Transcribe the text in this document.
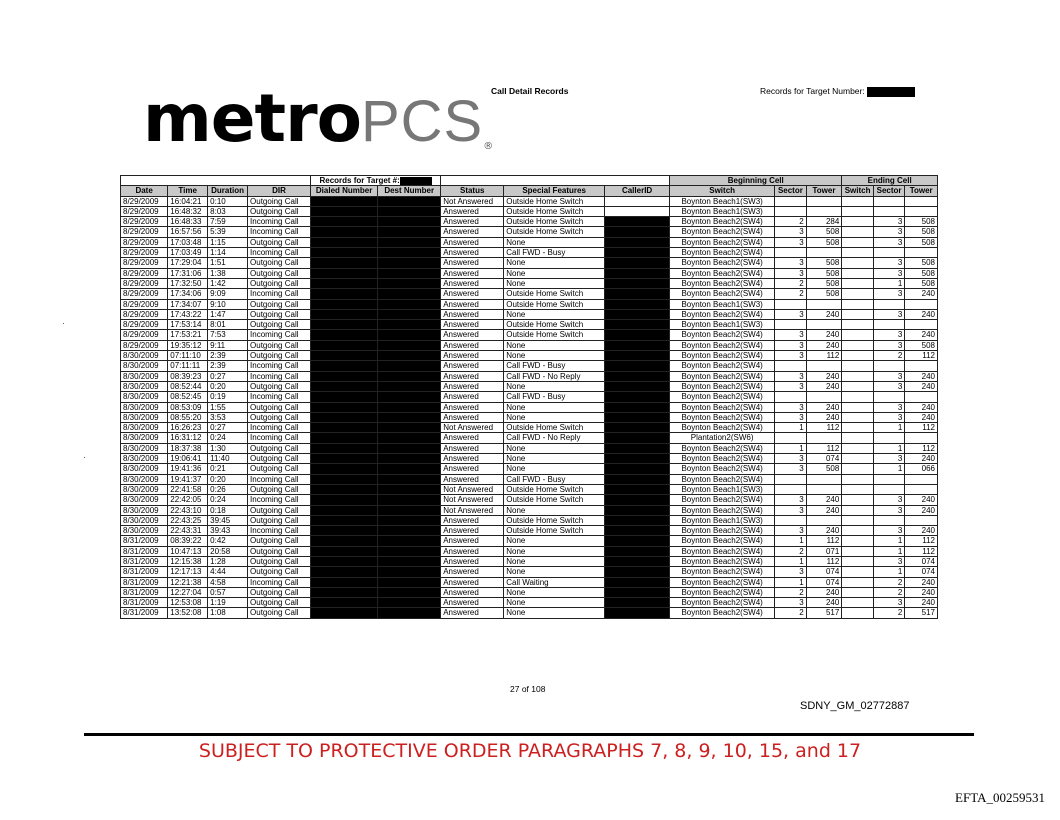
metroPCS®
Call Detail Records	Records for Target Number:
·
·
				Records for Target #:					Beginning Cell			Ending Cell		
Date	Time	Duration	DIR	Dialed Number	Dest Number	Status	Special Features	CallerID	Switch	Sector	Tower	Switch	Sector	Tower
8/29/2009	16:04:21	0:10	Outgoing Call			Not Answered	Outside Home Switch		Boynton Beach1(SW3)					
8/29/2009	16:48:32	8:03	Outgoing Call			Answered	Outside Home Switch		Boynton Beach1(SW3)					
8/29/2009	16:48:33	7:59	Incoming Call			Answered	Outside Home Switch		Boynton Beach2(SW4)	2	284		3	508
8/29/2009	16:57:56	5:39	Incoming Call			Answered	Outside Home Switch		Boynton Beach2(SW4)	3	508		3	508
8/29/2009	17:03:48	1:15	Outgoing Call			Answered	None		Boynton Beach2(SW4)	3	508		3	508
8/29/2009	17:03:49	1:14	Incoming Call			Answered	Call FWD - Busy		Boynton Beach2(SW4)					
8/29/2009	17:29:04	1:51	Outgoing Call			Answered	None		Boynton Beach2(SW4)	3	508		3	508
8/29/2009	17:31:06	1:38	Outgoing Call			Answered	None		Boynton Beach2(SW4)	3	508		3	508
8/29/2009	17:32:50	1:42	Outgoing Call			Answered	None		Boynton Beach2(SW4)	2	508		1	508
8/29/2009	17:34:06	9:09	Incoming Call			Answered	Outside Home Switch		Boynton Beach2(SW4)	2	508		3	240
8/29/2009	17:34:07	9:10	Outgoing Call			Answered	Outside Home Switch		Boynton Beach1(SW3)					
8/29/2009	17:43:22	1:47	Outgoing Call			Answered	None		Boynton Beach2(SW4)	3	240		3	240
8/29/2009	17:53:14	8:01	Outgoing Call			Answered	Outside Home Switch		Boynton Beach1(SW3)					
8/29/2009	17:53:21	7:53	Incoming Call			Answered	Outside Home Switch		Boynton Beach2(SW4)	3	240		3	240
8/29/2009	19:35:12	9:11	Outgoing Call			Answered	None		Boynton Beach2(SW4)	3	240		3	508
8/30/2009	07:11:10	2:39	Outgoing Call			Answered	None		Boynton Beach2(SW4)	3	112		2	112
8/30/2009	07:11:11	2:39	Incoming Call			Answered	Call FWD - Busy		Boynton Beach2(SW4)					
8/30/2009	08:39:23	0:27	Incoming Call			Answered	Call FWD - No Reply		Boynton Beach2(SW4)	3	240		3	240
8/30/2009	08:52:44	0:20	Outgoing Call			Answered	None		Boynton Beach2(SW4)	3	240		3	240
8/30/2009	08:52:45	0:19	Incoming Call			Answered	Call FWD - Busy		Boynton Beach2(SW4)					
8/30/2009	08:53:09	1:55	Outgoing Call			Answered	None		Boynton Beach2(SW4)	3	240		3	240
8/30/2009	08:55:20	3:53	Outgoing Call			Answered	None		Boynton Beach2(SW4)	3	240		3	240
8/30/2009	16:26:23	0:27	Incoming Call			Not Answered	Outside Home Switch		Boynton Beach2(SW4)	1	112		1	112
8/30/2009	16:31:12	0:24	Incoming Call			Answered	Call FWD - No Reply		Plantation2(SW6)					
8/30/2009	18:37:38	1:30	Outgoing Call			Answered	None		Boynton Beach2(SW4)	1	112		1	112
8/30/2009	19:06:41	11:40	Outgoing Call			Answered	None		Boynton Beach2(SW4)	3	074		3	240
8/30/2009	19:41:36	0:21	Outgoing Call			Answered	None		Boynton Beach2(SW4)	3	508		1	066
8/30/2009	19:41:37	0:20	Incoming Call			Answered	Call FWD - Busy		Boynton Beach2(SW4)					
8/30/2009	22:41:58	0:26	Outgoing Call			Not Answered	Outside Home Switch		Boynton Beach1(SW3)					
8/30/2009	22:42:05	0:24	Incoming Call			Not Answered	Outside Home Switch		Boynton Beach2(SW4)	3	240		3	240
8/30/2009	22:43:10	0:18	Outgoing Call			Not Answered	None		Boynton Beach2(SW4)	3	240		3	240
8/30/2009	22:43:25	39:45	Outgoing Call			Answered	Outside Home Switch		Boynton Beach1(SW3)					
8/30/2009	22:43:31	39:43	Incoming Call			Answered	Outside Home Switch		Boynton Beach2(SW4)	3	240		3	240
8/31/2009	08:39:22	0:42	Outgoing Call			Answered	None		Boynton Beach2(SW4)	1	112		1	112
8/31/2009	10:47:13	20:58	Outgoing Call			Answered	None		Boynton Beach2(SW4)	2	071		1	112
8/31/2009	12:15:38	1:28	Outgoing Call			Answered	None		Boynton Beach2(SW4)	1	112		3	074
8/31/2009	12:17:13	4:44	Outgoing Call			Answered	None		Boynton Beach2(SW4)	3	074		1	074
8/31/2009	12:21:38	4:58	Incoming Call			Answered	Call Waiting		Boynton Beach2(SW4)	1	074		2	240
8/31/2009	12:27:04	0:57	Outgoing Call			Answered	None		Boynton Beach2(SW4)	2	240		2	240
8/31/2009	12:53:08	1:19	Outgoing Call			Answered	None		Boynton Beach2(SW4)	3	240		3	240
8/31/2009	13:52:08	1:08	Outgoing Call			Answered	None		Boynton Beach2(SW4)	2	517		2	517
27 of 108
SDNY_GM_02772887
SUBJECT TO PROTECTIVE ORDER PARAGRAPHS 7, 8, 9, 10, 15, and 17
EFTA_00259531
